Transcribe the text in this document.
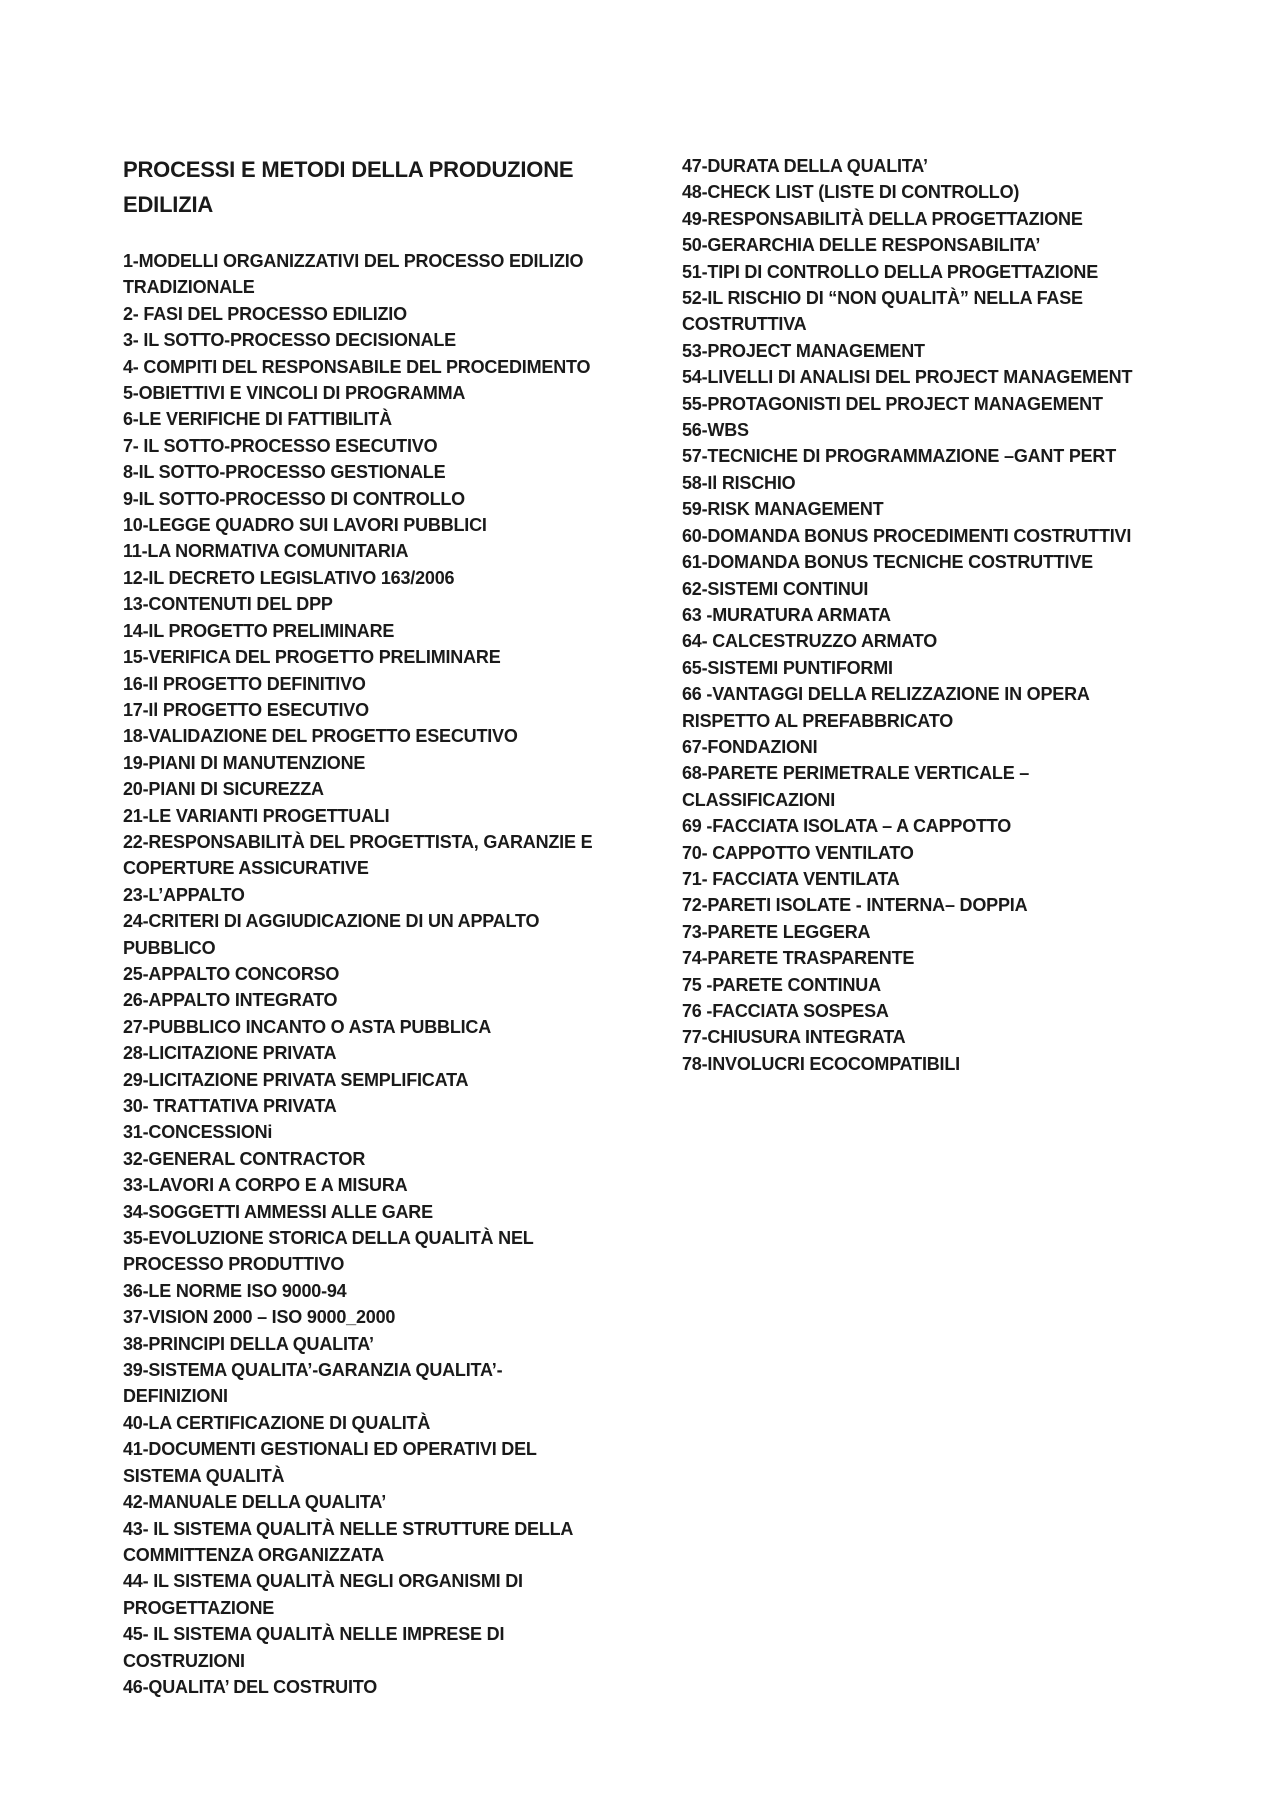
PROCESSI E METODI DELLA PRODUZIONE
EDILIZIA
1-MODELLI ORGANIZZATIVI DEL PROCESSO EDILIZIO
TRADIZIONALE
2- FASI DEL PROCESSO EDILIZIO
3- IL SOTTO-PROCESSO DECISIONALE
4- COMPITI DEL RESPONSABILE DEL PROCEDIMENTO
5-OBIETTIVI E VINCOLI DI PROGRAMMA
6-LE VERIFICHE DI FATTIBILITÀ
7- IL SOTTO-PROCESSO ESECUTIVO
8-IL SOTTO-PROCESSO GESTIONALE
9-IL SOTTO-PROCESSO DI CONTROLLO
10-LEGGE QUADRO SUI LAVORI PUBBLICI
11-LA NORMATIVA COMUNITARIA
12-IL DECRETO LEGISLATIVO 163/2006
13-CONTENUTI DEL DPP
14-IL PROGETTO PRELIMINARE
15-VERIFICA DEL PROGETTO PRELIMINARE
16-Il PROGETTO DEFINITIVO
17-Il PROGETTO ESECUTIVO
18-VALIDAZIONE DEL PROGETTO ESECUTIVO
19-PIANI DI MANUTENZIONE
20-PIANI DI SICUREZZA
21-LE VARIANTI PROGETTUALI
22-RESPONSABILITÀ DEL PROGETTISTA, GARANZIE E
COPERTURE ASSICURATIVE
23-L’APPALTO
24-CRITERI DI AGGIUDICAZIONE DI UN APPALTO
PUBBLICO
25-APPALTO CONCORSO
26-APPALTO INTEGRATO
27-PUBBLICO INCANTO O ASTA PUBBLICA
28-LICITAZIONE PRIVATA
29-LICITAZIONE PRIVATA SEMPLIFICATA
30- TRATTATIVA PRIVATA
31-CONCESSIONi
32-GENERAL CONTRACTOR
33-LAVORI A CORPO E A MISURA
34-SOGGETTI AMMESSI ALLE GARE
35-EVOLUZIONE STORICA DELLA QUALITÀ NEL
PROCESSO PRODUTTIVO
36-LE NORME ISO 9000-94
37-VISION 2000 – ISO 9000_2000
38-PRINCIPI DELLA QUALITA’
39-SISTEMA QUALITA’-GARANZIA QUALITA’-
DEFINIZIONI
40-LA CERTIFICAZIONE DI QUALITÀ
41-DOCUMENTI GESTIONALI ED OPERATIVI DEL
SISTEMA QUALITÀ
42-MANUALE DELLA QUALITA’
43- IL SISTEMA QUALITÀ NELLE STRUTTURE DELLA
COMMITTENZA ORGANIZZATA
44- IL SISTEMA QUALITÀ NEGLI ORGANISMI DI
PROGETTAZIONE
45- IL SISTEMA QUALITÀ NELLE IMPRESE DI
COSTRUZIONI
46-QUALITA’ DEL COSTRUITO
47-DURATA DELLA QUALITA’
48-CHECK LIST (LISTE DI CONTROLLO)
49-RESPONSABILITÀ DELLA PROGETTAZIONE
50-GERARCHIA DELLE RESPONSABILITA’
51-TIPI DI CONTROLLO DELLA PROGETTAZIONE
52-IL RISCHIO DI “NON QUALITÀ” NELLA FASE
COSTRUTTIVA
53-PROJECT MANAGEMENT
54-LIVELLI DI ANALISI DEL PROJECT MANAGEMENT
55-PROTAGONISTI DEL PROJECT MANAGEMENT
56-WBS
57-TECNICHE DI PROGRAMMAZIONE –GANT PERT
58-Il RISCHIO
59-RISK MANAGEMENT
60-DOMANDA BONUS PROCEDIMENTI COSTRUTTIVI
61-DOMANDA BONUS TECNICHE COSTRUTTIVE
62-SISTEMI CONTINUI
63 -MURATURA ARMATA
64- CALCESTRUZZO ARMATO
65-SISTEMI PUNTIFORMI
66 -VANTAGGI DELLA RELIZZAZIONE IN OPERA
RISPETTO AL PREFABBRICATO
67-FONDAZIONI
68-PARETE PERIMETRALE VERTICALE –
CLASSIFICAZIONI
69 -FACCIATA ISOLATA – A CAPPOTTO
70- CAPPOTTO VENTILATO
71- FACCIATA VENTILATA
72-PARETI ISOLATE - INTERNA– DOPPIA
73-PARETE LEGGERA
74-PARETE TRASPARENTE
75 -PARETE CONTINUA
76 -FACCIATA SOSPESA
77-CHIUSURA INTEGRATA
78-INVOLUCRI ECOCOMPATIBILI
